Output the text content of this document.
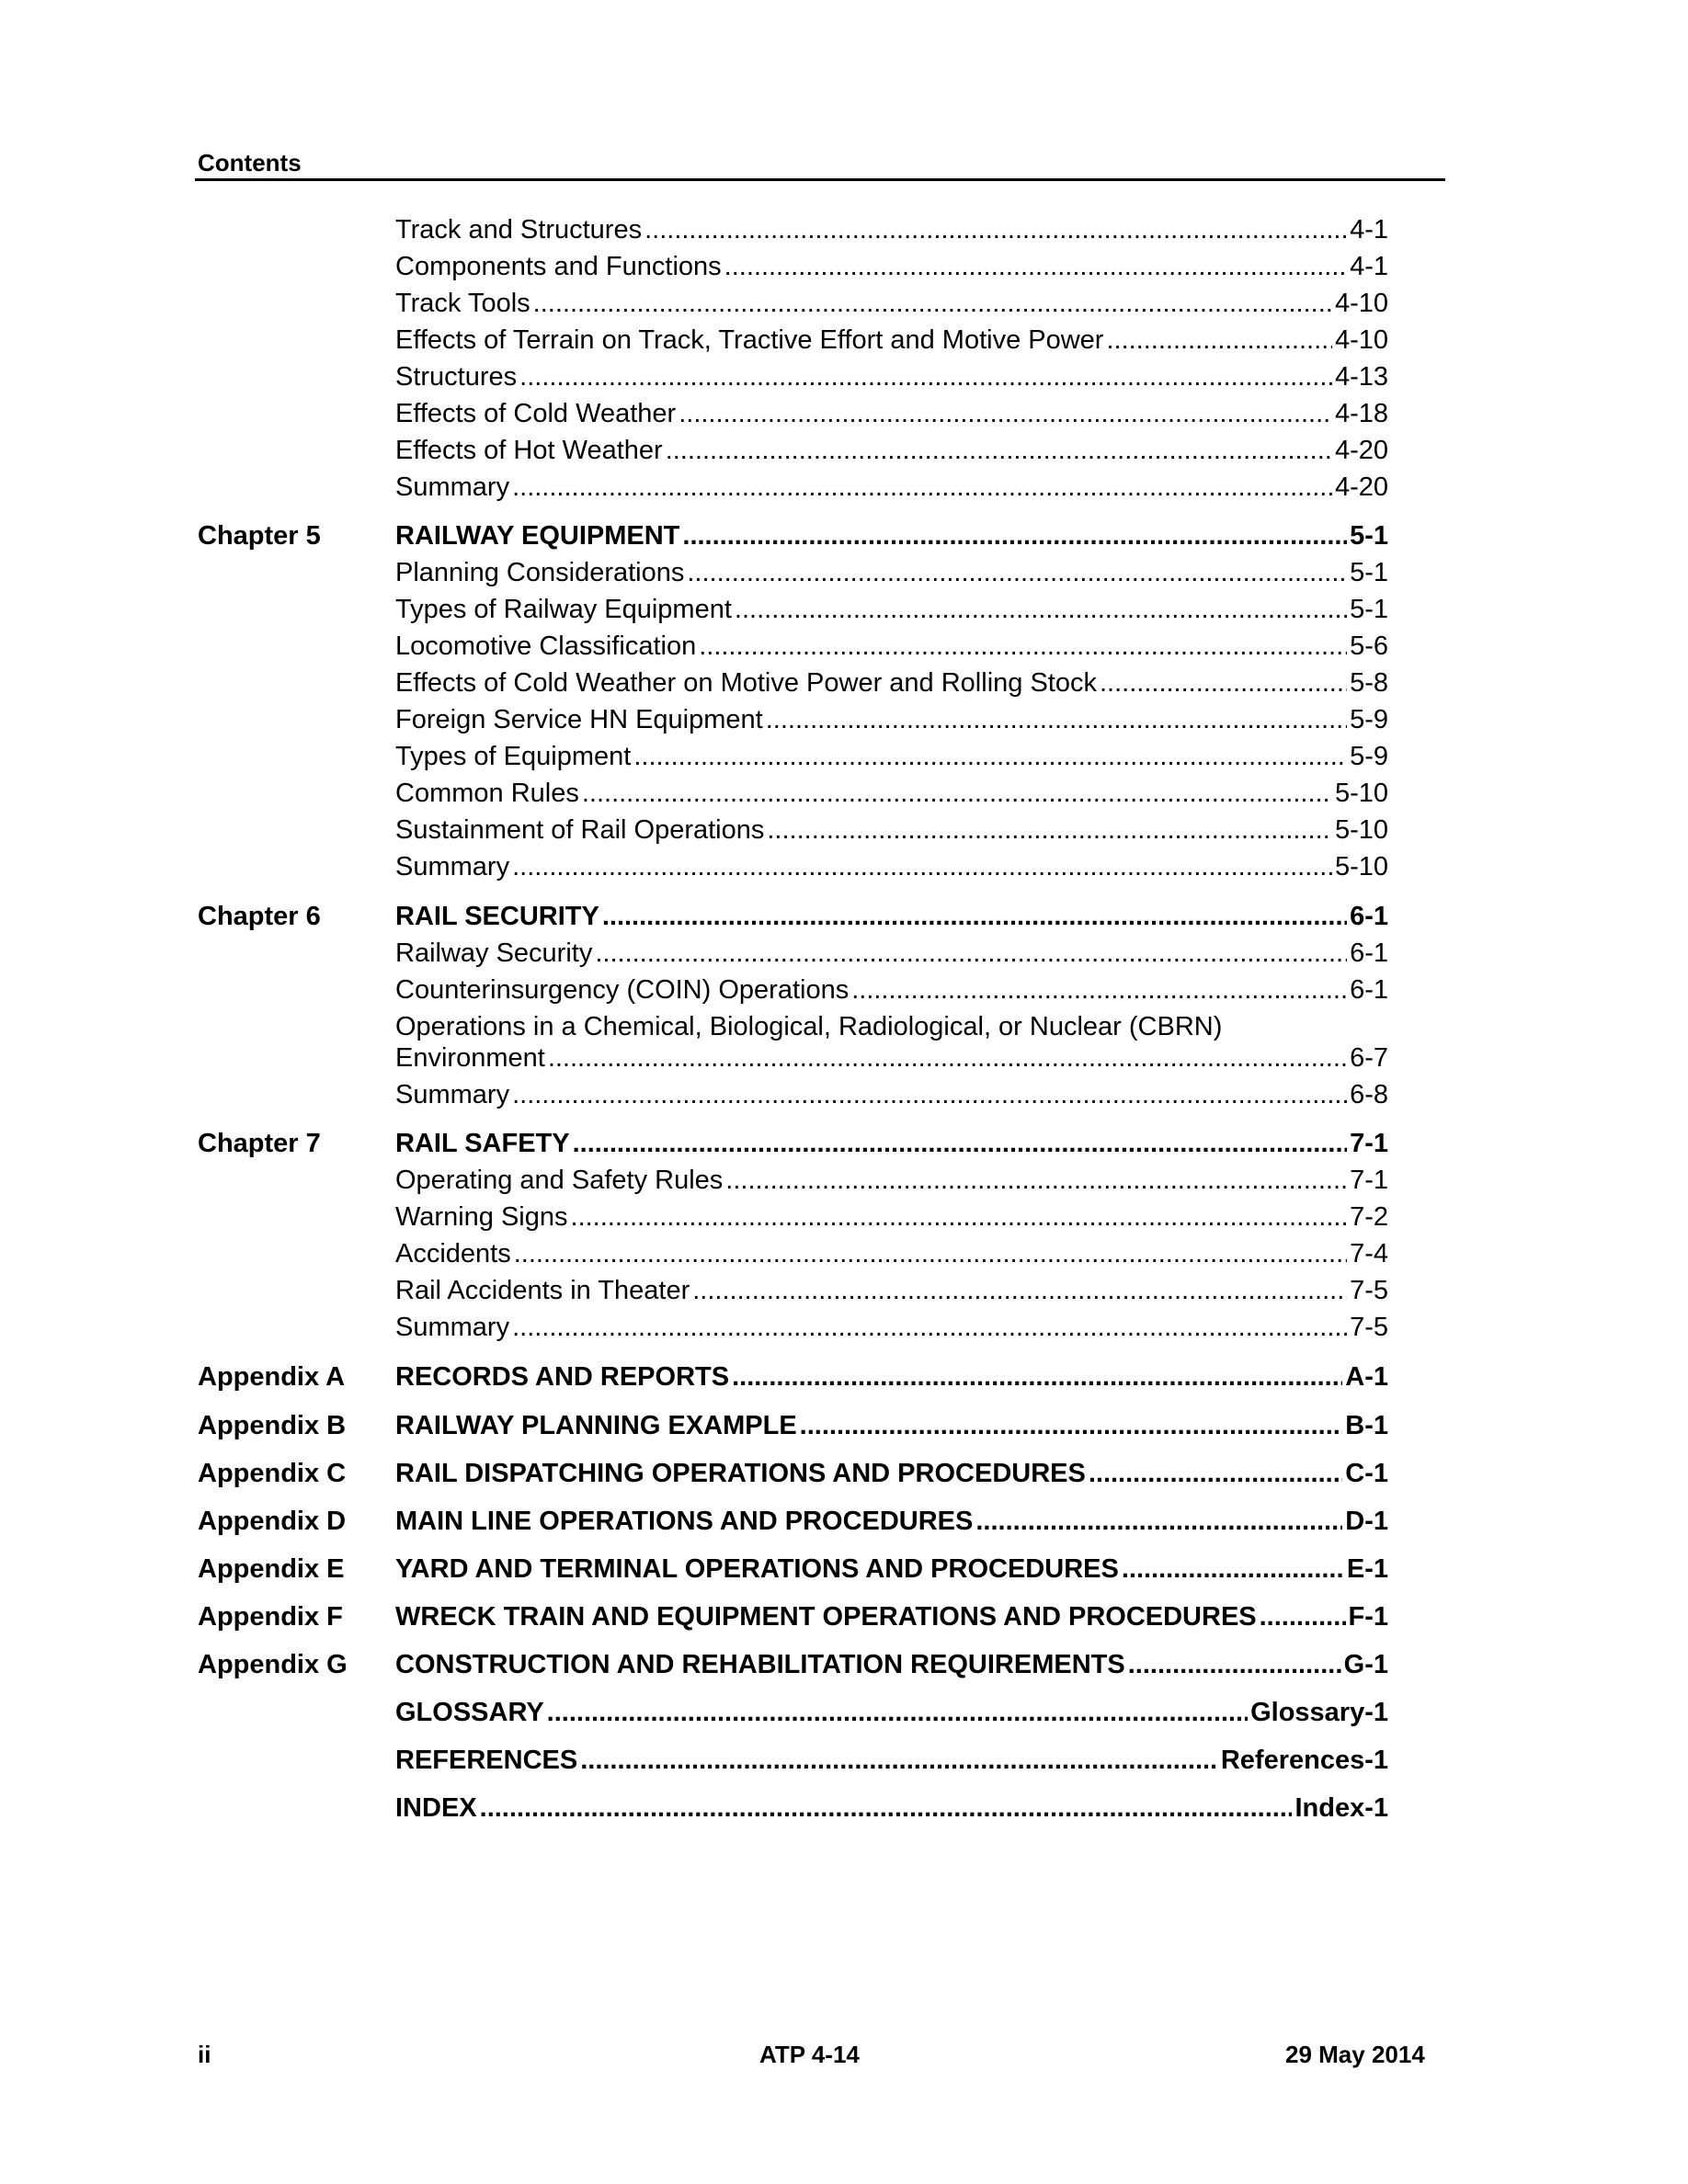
Contents
Track and Structures .....	4-1
Components and Functions .....	4-1
Track Tools .....	4-10
Effects of Terrain on Track, Tractive Effort and Motive Power .....	4-10
Structures .....	4-13
Effects of Cold Weather .....	4-18
Effects of Hot Weather .....	4-20
Summary .....	4-20
Chapter 5	RAILWAY EQUIPMENT .....	5-1
Planning Considerations .....	5-1
Types of Railway Equipment .....	5-1
Locomotive Classification .....	5-6
Effects of Cold Weather on Motive Power and Rolling Stock .....	5-8
Foreign Service HN Equipment .....	5-9
Types of Equipment .....	5-9
Common Rules .....	5-10
Sustainment of Rail Operations .....	5-10
Summary .....	5-10
Chapter 6	RAIL SECURITY .....	6-1
Railway Security .....	6-1
Counterinsurgency (COIN) Operations .....	6-1
Operations in a Chemical, Biological, Radiological, or Nuclear (CBRN)
Environment .....	6-7
Summary .....	6-8
Chapter 7	RAIL SAFETY .....	7-1
Operating and Safety Rules .....	7-1
Warning Signs .....	7-2
Accidents .....	7-4
Rail Accidents in Theater .....	7-5
Summary .....	7-5
Appendix A RECORDS AND REPORTS .....	A-1
Appendix B RAILWAY PLANNING EXAMPLE .....	B-1
Appendix C RAIL DISPATCHING OPERATIONS AND PROCEDURES .....	C-1
Appendix D MAIN LINE OPERATIONS AND PROCEDURES .....	D-1
Appendix E YARD AND TERMINAL OPERATIONS AND PROCEDURES .....	E-1
Appendix F WRECK TRAIN AND EQUIPMENT OPERATIONS AND PROCEDURES .....	F-1
Appendix G CONSTRUCTION AND REHABILITATION REQUIREMENTS .....	G-1
GLOSSARY .....	Glossary-1
REFERENCES .....	References-1
INDEX .....	Index-1
ii	ATP 4-14	29 May 2014
